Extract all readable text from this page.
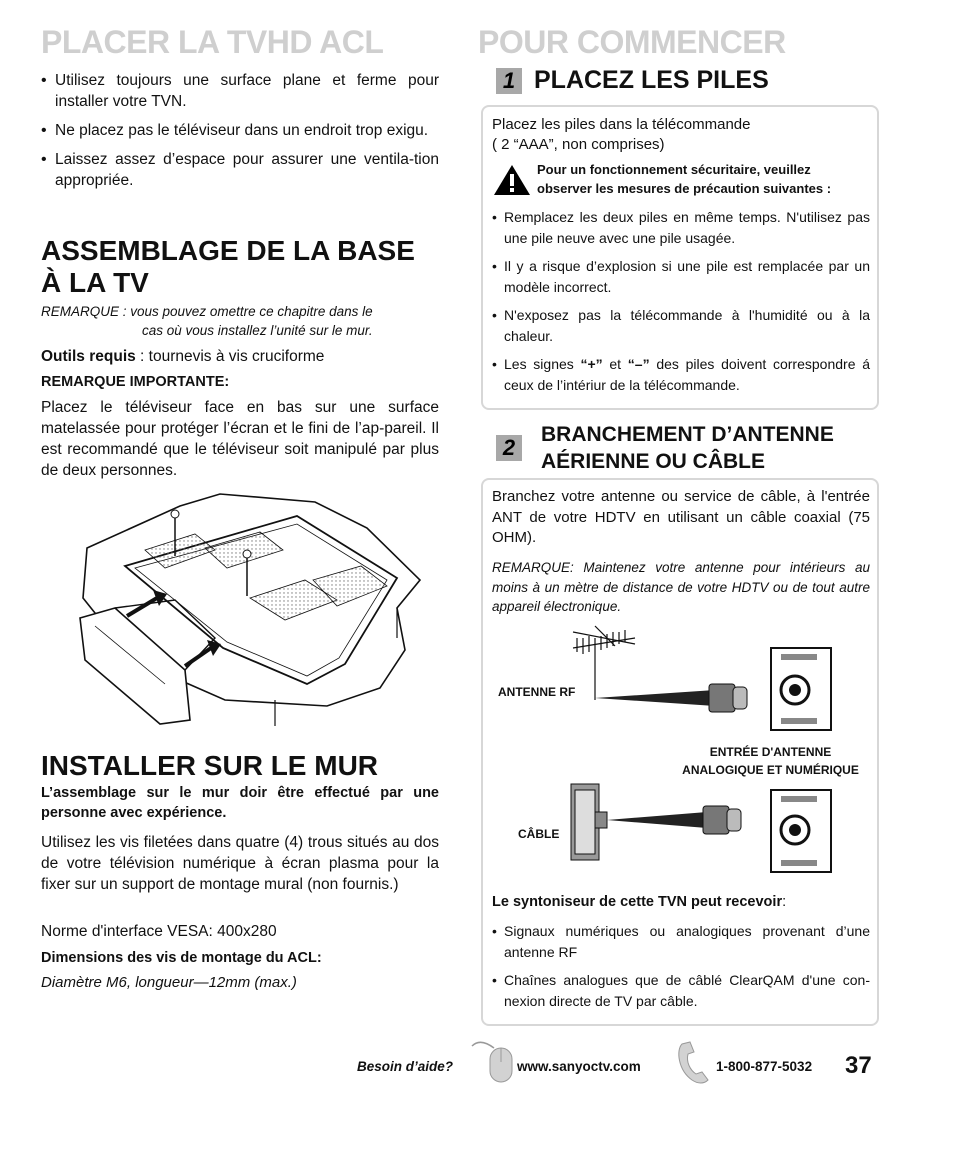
PLACER LA TVHD ACL

• Utilisez toujours une surface plane et ferme pour installer votre TVN.

• Ne placez pas le téléviseur dans un endroit trop exigu.

• Laissez assez d’espace pour assurer une ventila-tion appropriée.

ASSEMBLAGE DE LA BASE À LA TV
REMARQUE : vous pouvez omettre ce chapitre dans le
cas où vous installez l’unité sur le mur.
Outils requis : tournevis à vis cruciforme
REMARQUE IMPORTANTE:
Placez le téléviseur face en bas sur une surface matelassée pour protéger l’écran et le fini de l’ap-pareil. Il est recommandé que le téléviseur soit manipulé par plus de deux personnes.
INSTALLER SUR LE MUR
L’assemblage sur le mur doir être effectué par une personne avec expérience.
Utilisez les vis filetées dans quatre (4) trous situés au dos de votre télévision numérique à écran plasma pour la fixer sur un support de montage mural (non fournis.)
Norme d'interface VESA: 400x280
Dimensions des vis de montage du ACL:
Diamètre M6, longueur—12mm (max.)
POUR COMMENCER
1 PLACEZ LES PILES
Placez les piles dans la télécommande
( 2 “AAA”, non comprises)
Pour un fonctionnement sécuritaire, veuillez observer les mesures de précaution suivantes :

• Remplacez les deux piles en même temps. N'utilisez pas une pile neuve avec une pile usagée.

• Il y a risque d’explosion si une pile est remplacée par un modèle incorrect.

• N'exposez pas la télécommande à l'humidité ou à la chaleur.

• Les signes “+” et “–” des piles doivent correspondre á ceux de l’intériur de la télécommande.

2
BRANCHEMENT D’ANTENNE AÉRIENNE OU CÂBLE
Branchez votre antenne ou service de câble, à l'entrée ANT de votre HDTV en utilisant un câble coaxial (75 OHM).
REMARQUE: Maintenez votre antenne pour intérieurs au moins à un mètre de distance de votre HDTV ou de tout autre appareil électronique.
ANTENNE RF
ENTRÉE D'ANTENNE
ANALOGIQUE ET NUMÉRIQUE
CÂBLE
Le syntoniseur de cette TVN peut recevoir:

• Signaux numériques ou analogiques provenant d’une antenne RF

• Chaînes analogues que de câblé ClearQAM d'une con-nexion directe de TV par câble.

Besoin d’aide?	www.sanyoctv.com	1-800-877-5032 37
